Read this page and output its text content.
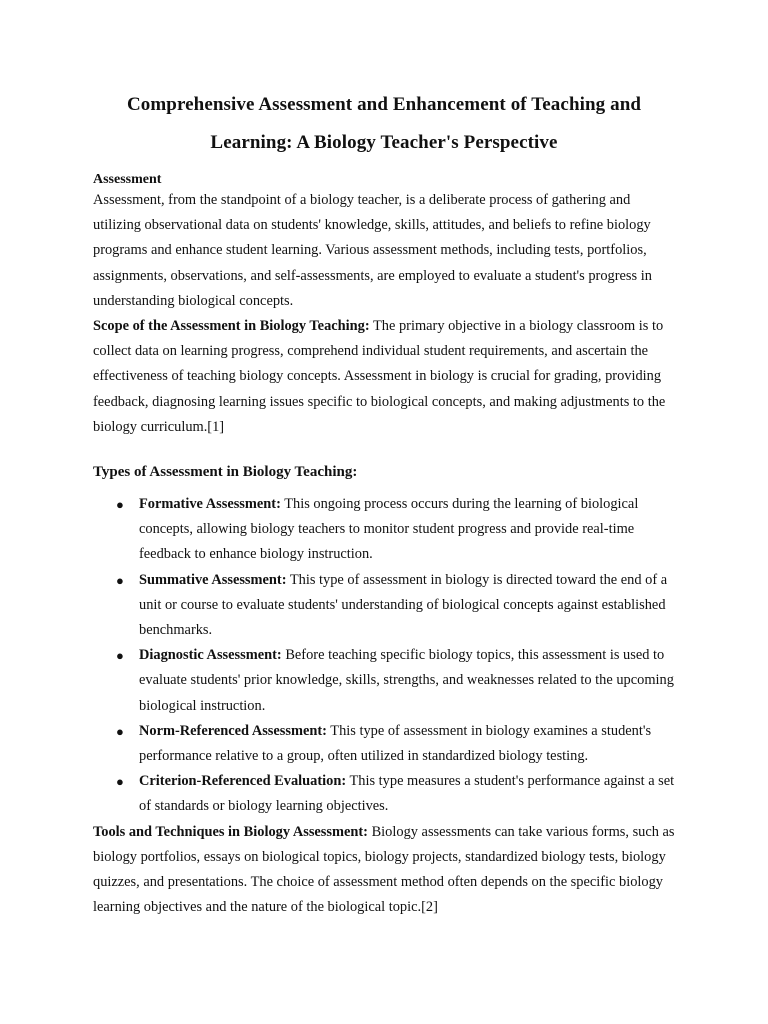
Comprehensive Assessment and Enhancement of Teaching and
Learning: A Biology Teacher's Perspective
Assessment

Assessment, from the standpoint of a biology teacher, is a deliberate process of gathering and utilizing observational data on students' knowledge, skills, attitudes, and beliefs to refine biology programs and enhance student learning. Various assessment methods, including tests, portfolios, assignments, observations, and self-assessments, are employed to evaluate a student's progress in understanding biological concepts.

Scope of the Assessment in Biology Teaching: The primary objective in a biology classroom is to collect data on learning progress, comprehend individual student requirements, and ascertain the effectiveness of teaching biology concepts. Assessment in biology is crucial for grading, providing feedback, diagnosing learning issues specific to biological concepts, and making adjustments to the biology curriculum.[1]

Types of Assessment in Biology Teaching:
● Formative Assessment: This ongoing process occurs during the learning of biological concepts, allowing biology teachers to monitor student progress and provide real-time feedback to enhance biology instruction.
● Summative Assessment: This type of assessment in biology is directed toward the end of a unit or course to evaluate students' understanding of biological concepts against established benchmarks.
● Diagnostic Assessment: Before teaching specific biology topics, this assessment is used to evaluate students' prior knowledge, skills, strengths, and weaknesses related to the upcoming biological instruction.
● Norm-Referenced Assessment: This type of assessment in biology examines a student's performance relative to a group, often utilized in standardized biology testing.
● Criterion-Referenced Evaluation: This type measures a student's performance against a set of standards or biology learning objectives.

Tools and Techniques in Biology Assessment: Biology assessments can take various forms, such as biology portfolios, essays on biological topics, biology projects, standardized biology tests, biology quizzes, and presentations. The choice of assessment method often depends on the specific biology learning objectives and the nature of the biological topic.[2]
